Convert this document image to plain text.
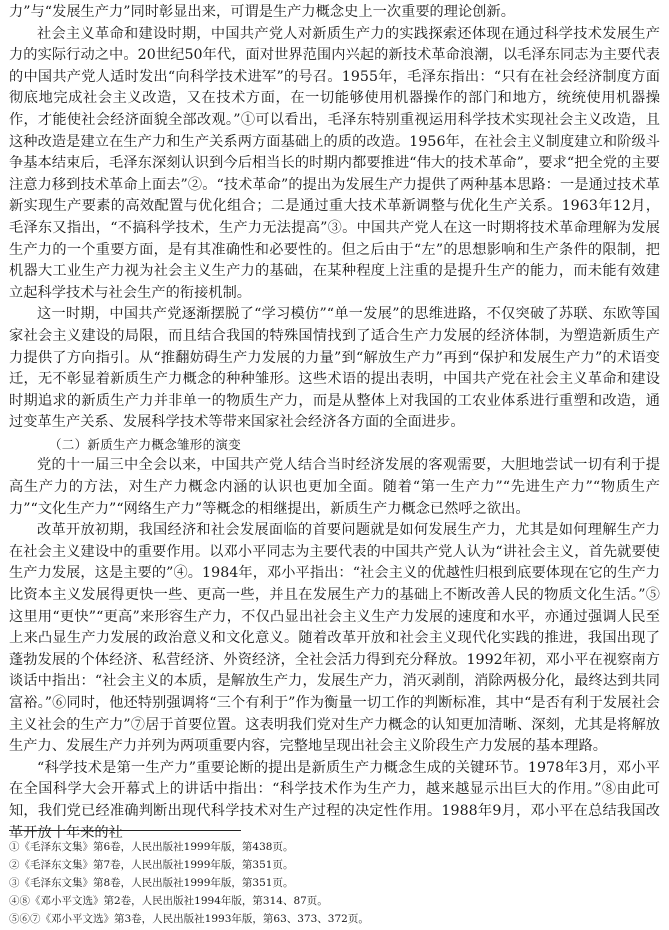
力”与“发展生产力”同时彰显出来，可谓是生产力概念史上一次重要的理论创新。

社会主义革命和建设时期，中国共产党人对新质生产力的实践探索还体现在通过科学技术发展生产力的实际行动之中。20世纪50年代，面对世界范围内兴起的新技术革命浪潮，以毛泽东同志为主要代表的中国共产党人适时发出“向科学技术进军”的号召。1955年，毛泽东指出：“只有在社会经济制度方面彻底地完成社会主义改造，又在技术方面，在一切能够使用机器操作的部门和地方，统统使用机器操作，才能使社会经济面貌全部改观。”①可以看出，毛泽东特别重视运用科学技术实现社会主义改造，且这种改造是建立在生产力和生产关系两方面基础上的质的改造。1956年，在社会主义制度建立和阶级斗争基本结束后，毛泽东深刻认识到今后相当长的时期内都要推进“伟大的技术革命”，要求“把全党的主要注意力移到技术革命上面去”②。“技术革命”的提出为发展生产力提供了两种基本思路：一是通过技术革新实现生产要素的高效配置与优化组合；二是通过重大技术革新调整与优化生产关系。1963年12月，毛泽东又指出，“不搞科学技术，生产力无法提高”③。中国共产党人在这一时期将技术革命理解为发展生产力的一个重要方面，是有其准确性和必要性的。但之后由于“左”的思想影响和生产条件的限制，把机器大工业生产力视为社会主义生产力的基础，在某种程度上注重的是提升生产的能力，而未能有效建立起科学技术与社会生产的衔接机制。

这一时期，中国共产党逐渐摆脱了“学习模仿”“单一发展”的思维进路，不仅突破了苏联、东欧等国家社会主义建设的局限，而且结合我国的特殊国情找到了适合生产力发展的经济体制，为塑造新质生产力提供了方向指引。从“推翻妨碍生产力发展的力量”到“解放生产力”再到“保护和发展生产力”的术语变迁，无不彰显着新质生产力概念的种种雏形。这些术语的提出表明，中国共产党在社会主义革命和建设时期追求的新质生产力并非单一的物质生产力，而是从整体上对我国的工农业体系进行重塑和改造，通过变革生产关系、发展科学技术等带来国家社会经济各方面的全面进步。

（二）新质生产力概念雏形的演变

党的十一届三中全会以来，中国共产党人结合当时经济发展的客观需要，大胆地尝试一切有利于提高生产力的方法，对生产力概念内涵的认识也更加全面。随着“第一生产力”“先进生产力”“物质生产力”“文化生产力”“网络生产力”等概念的相继提出，新质生产力概念已然呼之欲出。

改革开放初期，我国经济和社会发展面临的首要问题就是如何发展生产力，尤其是如何理解生产力在社会主义建设中的重要作用。以邓小平同志为主要代表的中国共产党人认为“讲社会主义，首先就要使生产力发展，这是主要的”④。1984年，邓小平指出：“社会主义的优越性归根到底要体现在它的生产力比资本主义发展得更快一些、更高一些，并且在发展生产力的基础上不断改善人民的物质文化生活。”⑤这里用“更快”“更高”来形容生产力，不仅凸显出社会主义生产力发展的速度和水平，亦通过强调人民至上来凸显生产力发展的政治意义和文化意义。随着改革开放和社会主义现代化实践的推进，我国出现了蓬勃发展的个体经济、私营经济、外资经济，全社会活力得到充分释放。1992年初，邓小平在视察南方谈话中指出：“社会主义的本质，是解放生产力，发展生产力，消灭剥削，消除两极分化，最终达到共同富裕。”⑥同时，他还特别强调将“三个有利于”作为衡量一切工作的判断标准，其中“是否有利于发展社会主义社会的生产力”⑦居于首要位置。这表明我们党对生产力概念的认知更加清晰、深刻，尤其是将解放生产力、发展生产力并列为两项重要内容，完整地呈现出社会主义阶段生产力发展的基本理路。

“科学技术是第一生产力”重要论断的提出是新质生产力概念生成的关键环节。1978年3月，邓小平在全国科学大会开幕式上的讲话中指出：“科学技术作为生产力，越来越显示出巨大的作用。”⑧由此可知，我们党已经准确判断出现代科学技术对生产过程的决定性作用。1988年9月，邓小平在总结我国改革开放十年来的社

①《毛泽东文集》第6卷，人民出版社1999年版，第438页。

②《毛泽东文集》第7卷，人民出版社1999年版，第351页。

③《毛泽东文集》第8卷，人民出版社1999年版，第351页。

④⑧《邓小平文选》第2卷，人民出版社1994年版，第314、87页。

⑤⑥⑦《邓小平文选》第3卷，人民出版社1993年版，第63、373、372页。
